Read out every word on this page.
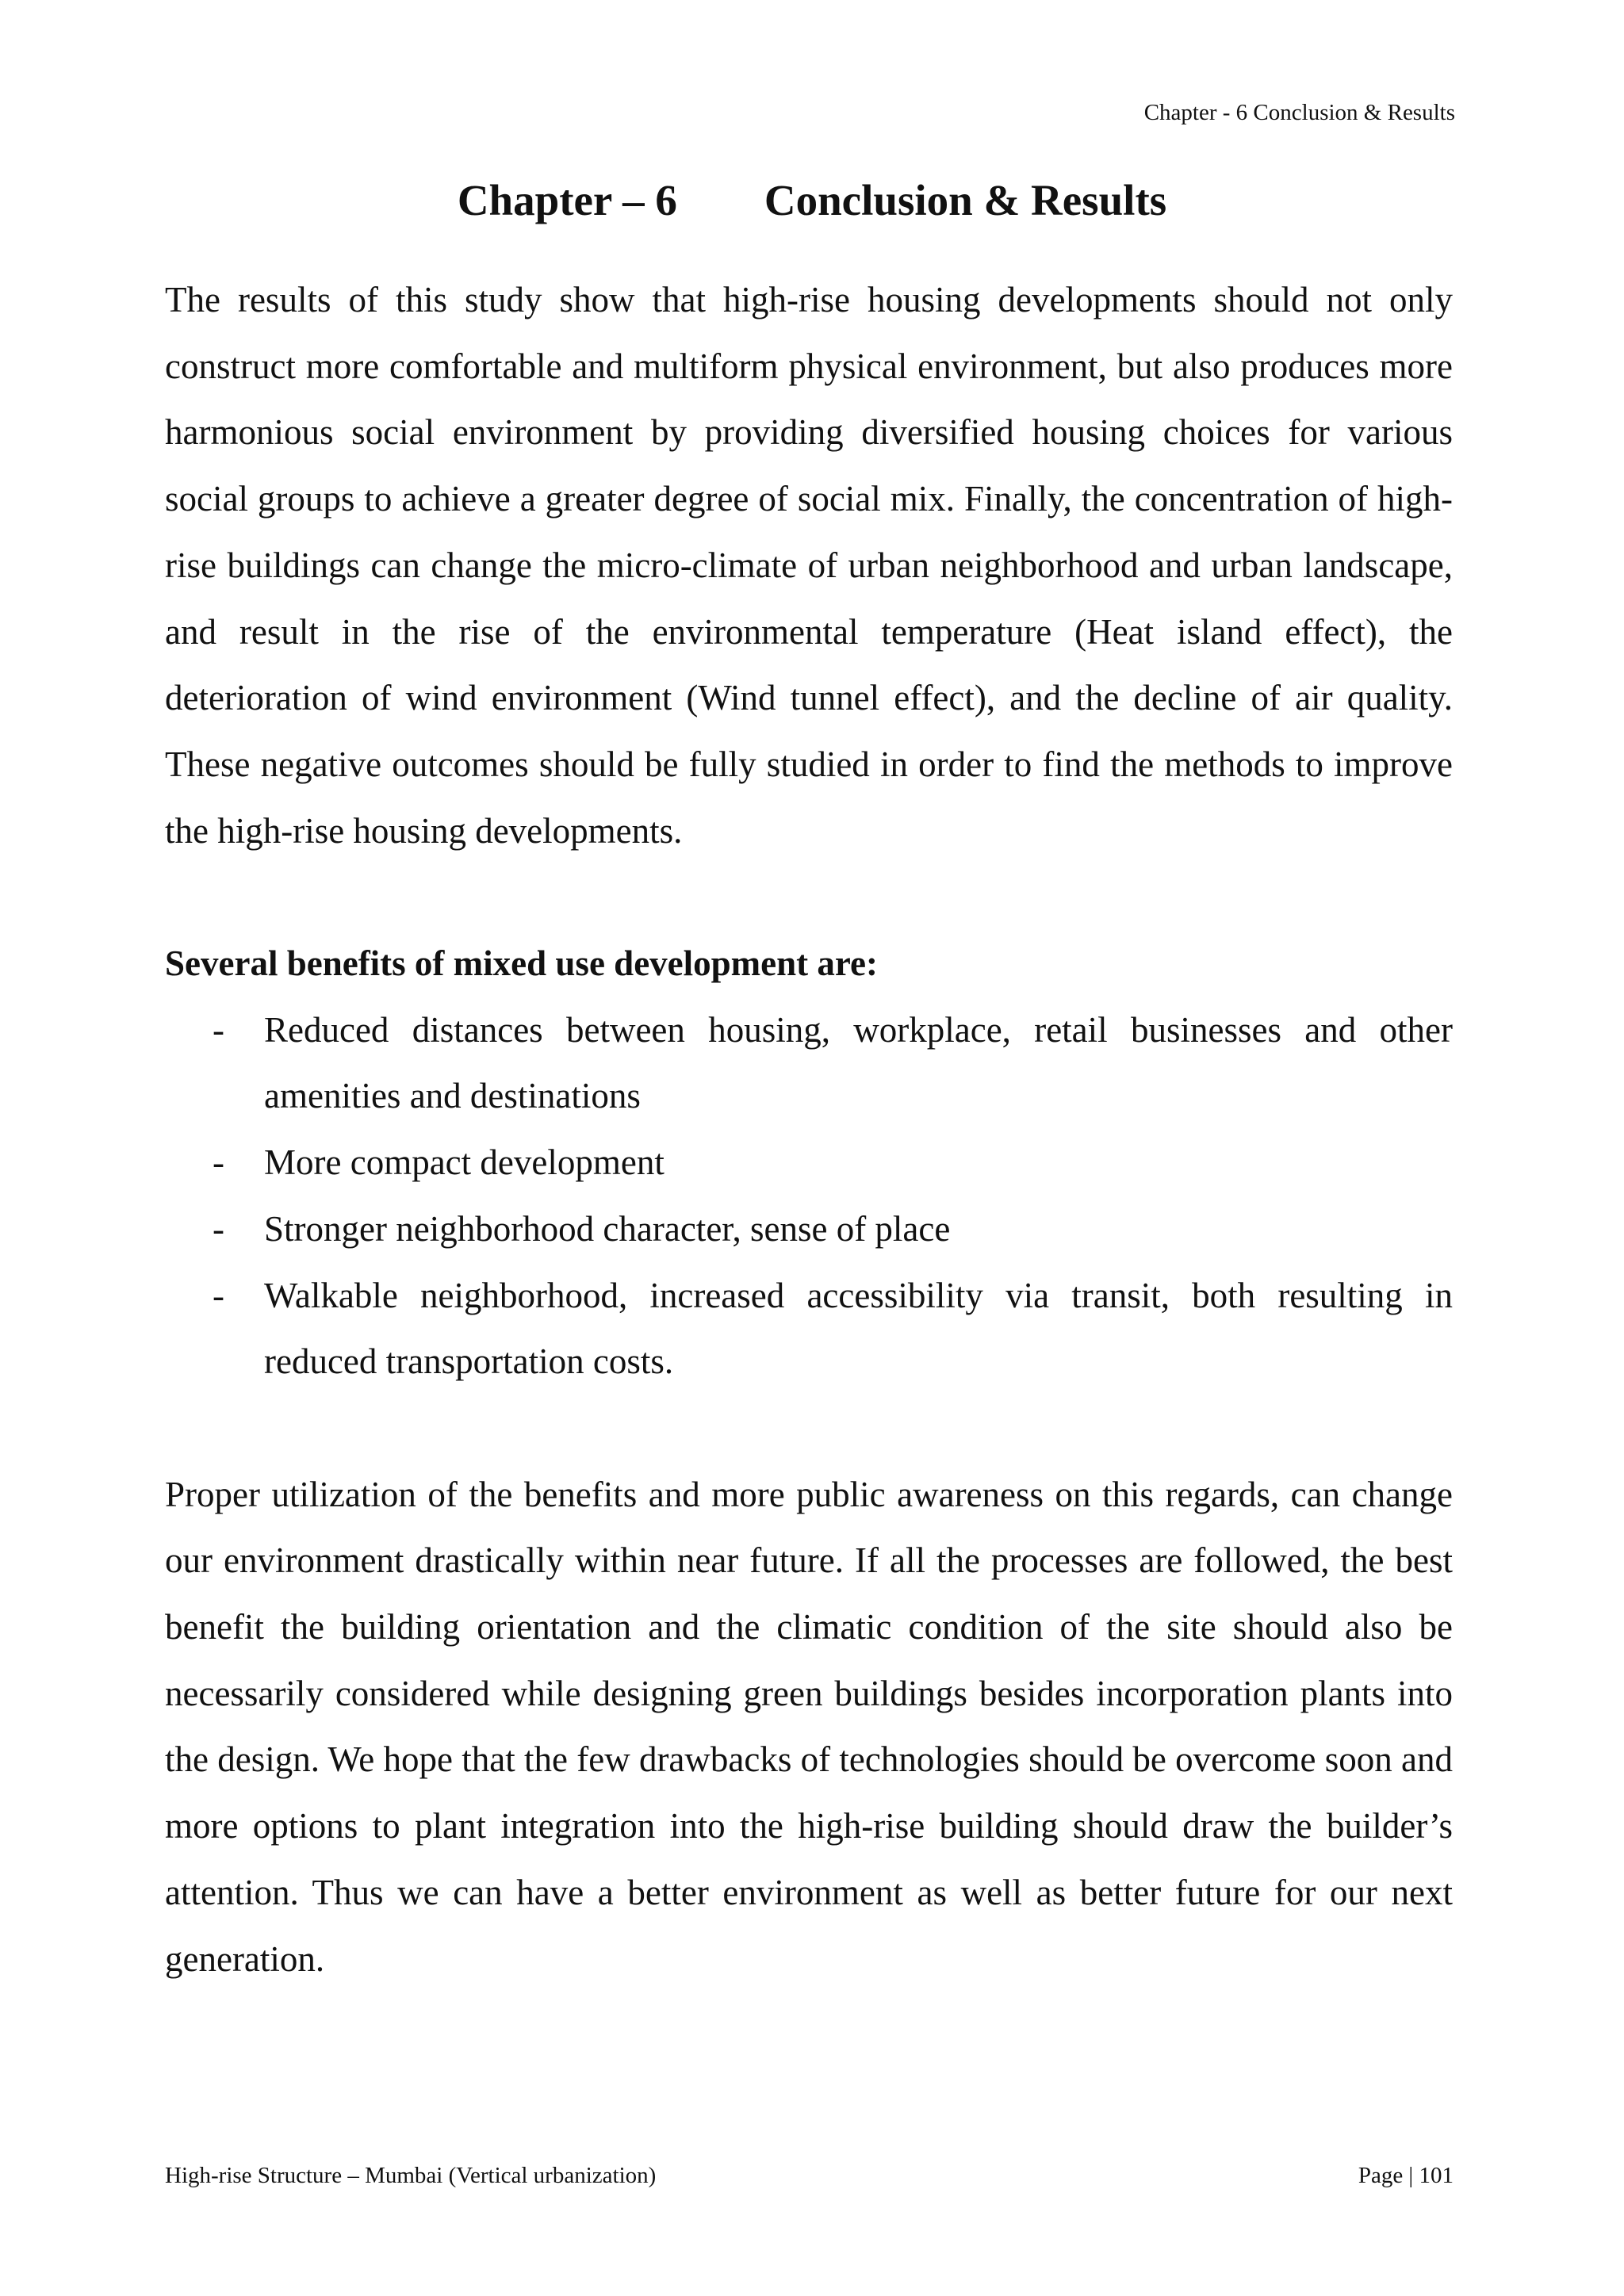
Chapter - 6 Conclusion & Results
Chapter – 6 Conclusion & Results

The results of this study show that high-rise housing developments should not only construct more comfortable and multiform physical environment, but also produces more harmonious social environment by providing diversified housing choices for various social groups to achieve a greater degree of social mix. Finally, the concentration of high-rise buildings can change the micro-climate of urban neighborhood and urban landscape, and result in the rise of the environmental temperature (Heat island effect), the deterioration of wind environment (Wind tunnel effect), and the decline of air quality. These negative outcomes should be fully studied in order to find the methods to improve the high-rise housing developments.

Several benefits of mixed use development are:

- Reduced distances between housing, workplace, retail businesses and other amenities and destinations
- More compact development
- Stronger neighborhood character, sense of place
- Walkable neighborhood, increased accessibility via transit, both resulting in reduced transportation costs.

Proper utilization of the benefits and more public awareness on this regards, can change our environment drastically within near future. If all the processes are followed, the best benefit the building orientation and the climatic condition of the site should also be necessarily considered while designing green buildings besides incorporation plants into the design. We hope that the few drawbacks of technologies should be overcome soon and more options to plant integration into the high-rise building should draw the builder’s attention. Thus we can have a better environment as well as better future for our next generation.

High-rise Structure – Mumbai (Vertical urbanization)	Page | 101
